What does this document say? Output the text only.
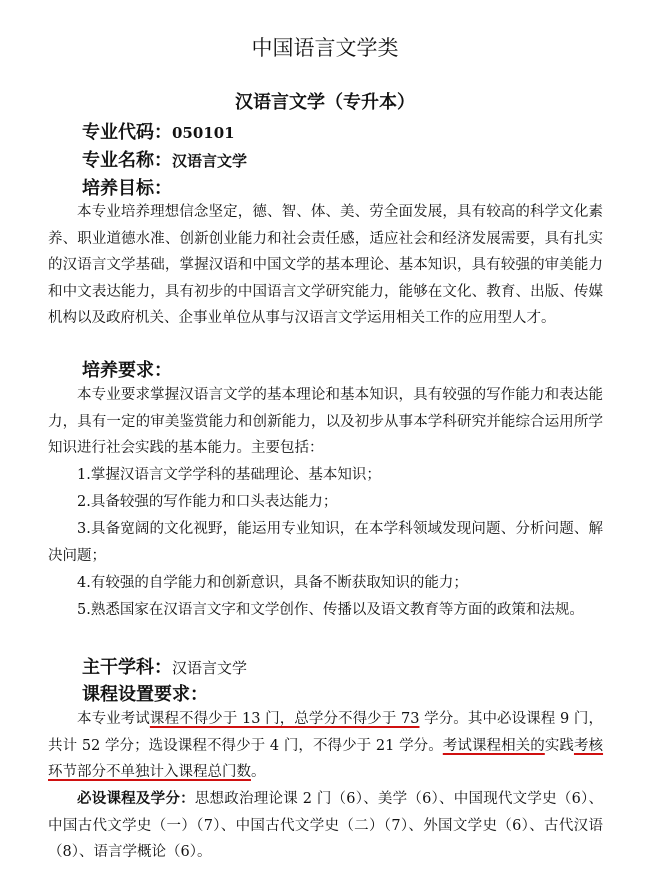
中国语言文学类
汉语言文学（专升本）
专业代码：050101
专业名称：汉语言文学
培养目标：

本专业培养理想信念坚定，德、智、体、美、劳全面发展，具有较高的科学文化素养、职业道德水准、创新创业能力和社会责任感，适应社会和经济发展需要，具有扎实的汉语言文学基础，掌握汉语和中国文学的基本理论、基本知识，具有较强的审美能力和中文表达能力，具有初步的中国语言文学研究能力，能够在文化、教育、出版、传媒机构以及政府机关、企事业单位从事与汉语言文学运用相关工作的应用型人才。

培养要求：

本专业要求掌握汉语言文学的基本理论和基本知识，具有较强的写作能力和表达能力，具有一定的审美鉴赏能力和创新能力，以及初步从事本学科研究并能综合运用所学知识进行社会实践的基本能力。主要包括：

1.掌握汉语言文学学科的基础理论、基本知识；

2.具备较强的写作能力和口头表达能力；

3.具备宽阔的文化视野，能运用专业知识，在本学科领域发现问题、分析问题、解决问题；

4.有较强的自学能力和创新意识，具备不断获取知识的能力；

5.熟悉国家在汉语言文字和文学创作、传播以及语文教育等方面的政策和法规。

主干学科：汉语言文学
课程设置要求：

本专业考试课程不得少于 13 门，总学分不得少于 73 学分。其中必设课程 9 门，共计 52 学分；选设课程不得少于 4 门，不得少于 21 学分。考试课程相关的实践考核环节部分不单独计入课程总门数。

必设课程及学分：思想政治理论课 2 门（6）、美学（6）、中国现代文学史（6）、中国古代文学史（一）（7）、中国古代文学史（二）（7）、外国文学史（6）、古代汉语（8）、语言学概论（6）。
